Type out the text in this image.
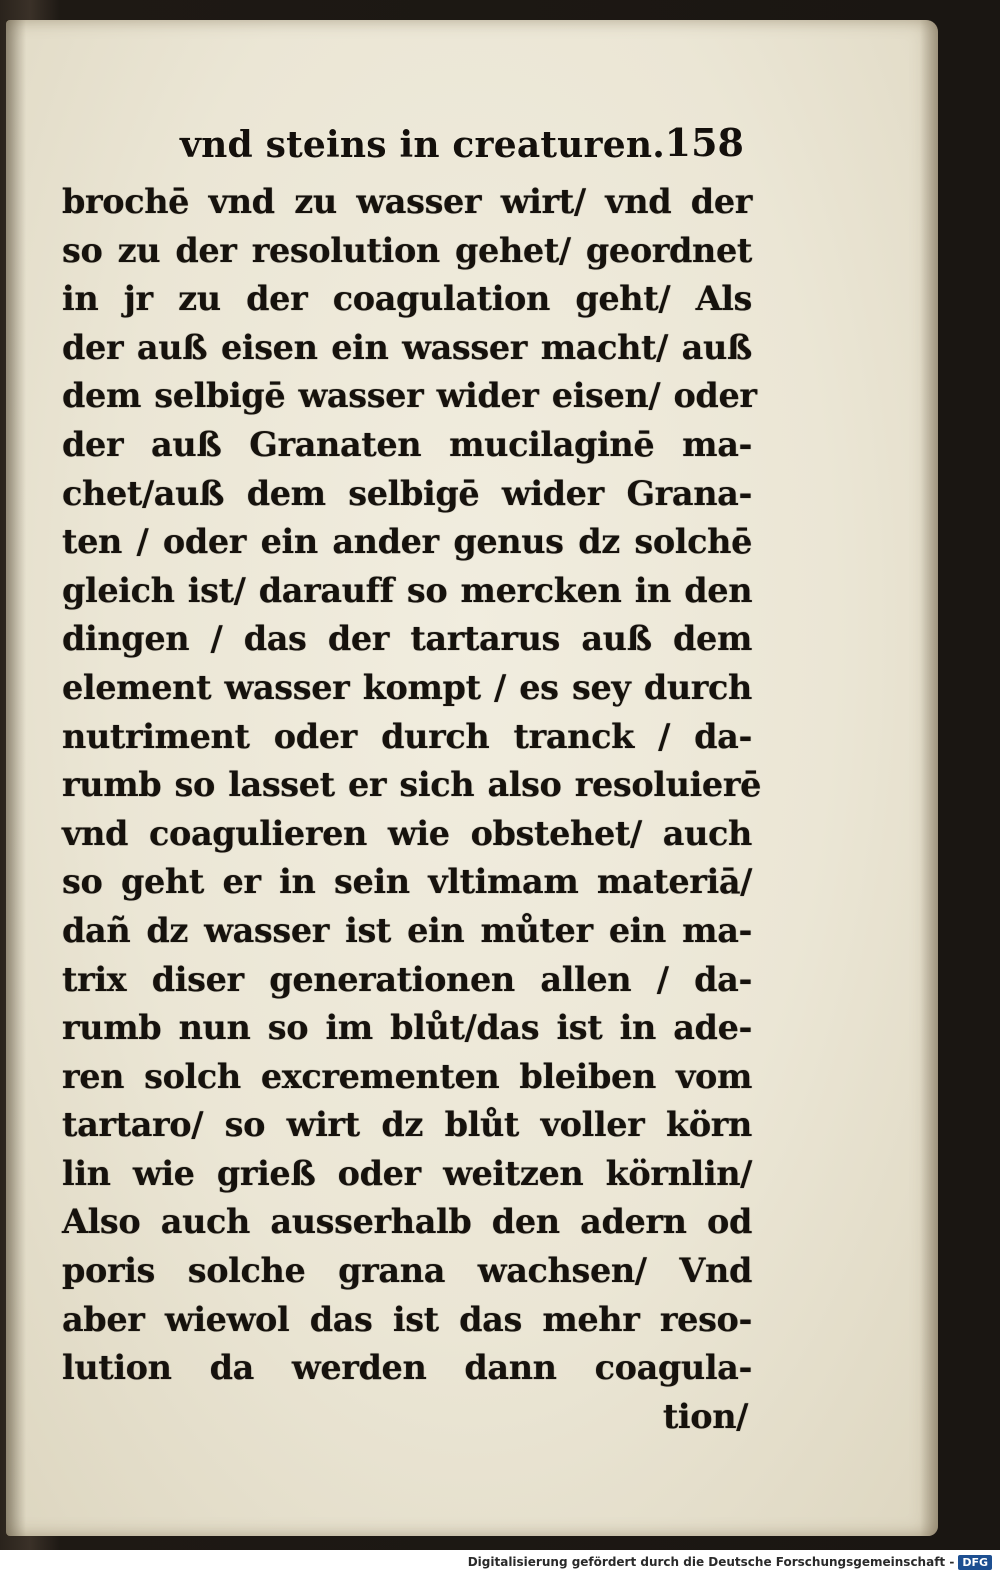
vnd steins in creaturen. 158
brochē vnd zu wasser wirt/ vnd der
so zu der resolution gehet/ geordnet
in jr zu der coagulation geht/ Als
der auß eisen ein wasser macht/ auß
dem selbigē wasser wider eisen/ oder
der auß Granaten mucilaginē ma-
chet/auß dem selbigē wider Grana-
ten / oder ein ander genus dz solchē
gleich ist/ darauff so mercken in den
dingen / das der tartarus auß dem
element wasser kompt / es sey durch
nutriment oder durch tranck / da-
rumb so lasset er sich also resoluierē
vnd coagulieren wie obstehet/ auch
so geht er in sein vltimam materiā/
dañ dz wasser ist ein můter ein ma-
trix diser generationen allen / da-
rumb nun so im blůt/das ist in ade-
ren solch excrementen bleiben vom
tartaro/ so wirt dz blůt voller körn
lin wie grieß oder weitzen körnlin/
Also auch ausserhalb den adern od
poris solche grana wachsen/ Vnd
aber wiewol das ist das mehr reso-
lution da werden dann coagula-
tion/
Digitalisierung gefördert durch die Deutsche Forschungsgemeinschaft - DFG
